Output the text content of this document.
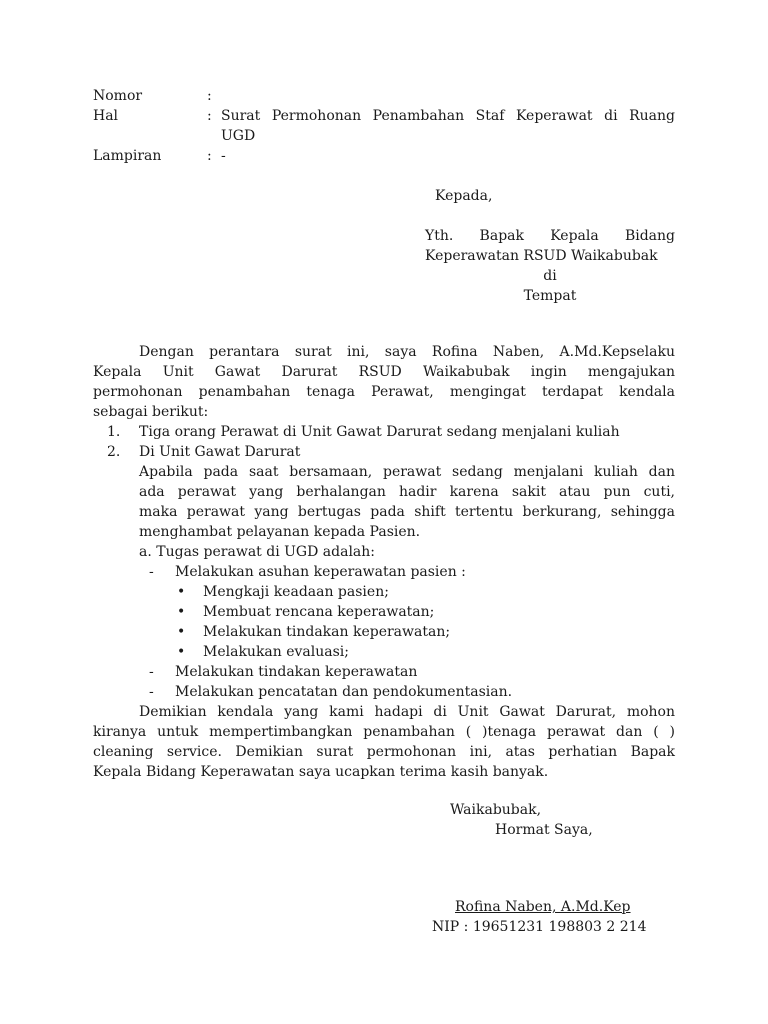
Nomor	:
Hal	: Surat Permohonan Penambahan Staf Keperawat di Ruang
UGD
Lampiran	: -
Kepada,
Yth. Bapak Kepala Bidang
Keperawatan RSUD Waikabubak
di
Tempat
Dengan perantara surat ini, saya Rofina Naben, A.Md.Kepselaku
Kepala Unit Gawat Darurat RSUD Waikabubak ingin mengajukan
permohonan penambahan tenaga Perawat, mengingat terdapat kendala
sebagai berikut:
1.	Tiga orang Perawat di Unit Gawat Darurat sedang menjalani kuliah
2.	Di Unit Gawat Darurat
Apabila pada saat bersamaan, perawat sedang menjalani kuliah dan
ada perawat yang berhalangan hadir karena sakit atau pun cuti,
maka perawat yang bertugas pada shift tertentu berkurang, sehingga
menghambat pelayanan kepada Pasien.
a. Tugas perawat di UGD adalah:
-	Melakukan asuhan keperawatan pasien :
•	Mengkaji keadaan pasien;
•	Membuat rencana keperawatan;
•	Melakukan tindakan keperawatan;
•	Melakukan evaluasi;
-	Melakukan tindakan keperawatan
-	Melakukan pencatatan dan pendokumentasian.
Demikian kendala yang kami hadapi di Unit Gawat Darurat, mohon
kiranya untuk mempertimbangkan penambahan ( )tenaga perawat dan ( )
cleaning service. Demikian surat permohonan ini, atas perhatian Bapak
Kepala Bidang Keperawatan saya ucapkan terima kasih banyak.
Waikabubak,
Hormat Saya,
Rofina Naben, A.Md.Kep
NIP : 19651231 198803 2 214
